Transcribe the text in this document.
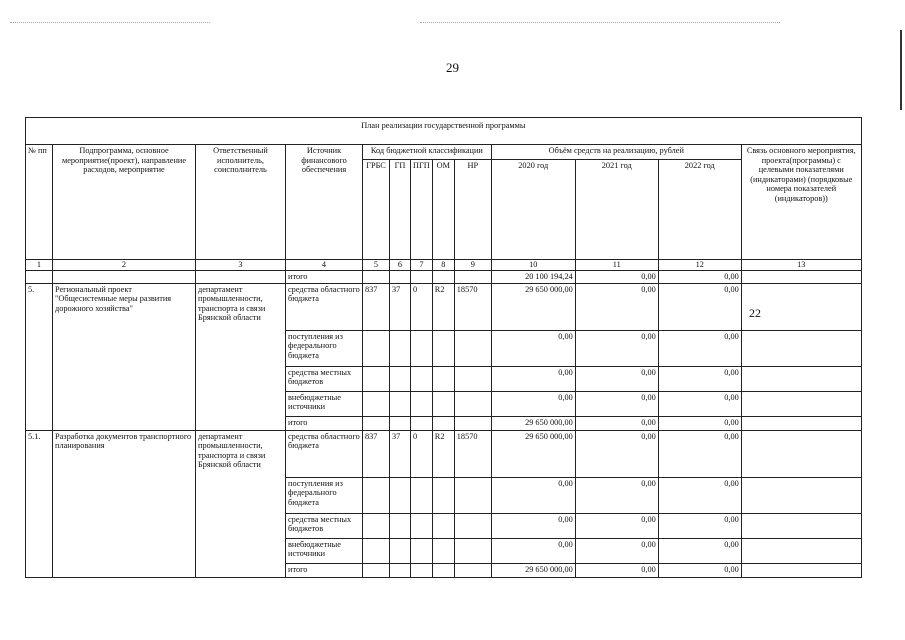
29
План реализации государственной программы												
№ пп	Подпрограмма, основное мероприятие(проект), направление расходов, мероприятие	Ответственный исполнитель, соисполнитель	Источник финансового обеспечения	Код бюджетной классификации					Объём средств на реализацию, рублей			Связь основного мероприятия, проекта(программы) с целевыми показателями (индикаторами) (порядковые номера показателей (индикаторов))
				ГРБС	ГП	ПГП	ОМ	НР	2020 год	2021 год	2022 год	
1	2	3	4	5	6	7	8	9	10	11	12	13
			итого						20 100 194,24	0,00	0,00	
5.	Региональный проект "Общесистемные меры развития дорожного хозяйства"	департамент промышленности, транспорта и связи Брянской области	средства областного бюджета	837	37	0	R2	18570	29 650 000,00	0,00	0,00	
			поступления из федерального бюджета						0,00	0,00	0,00	
			средства местных бюджетов						0,00	0,00	0,00	
			внебюджетные источники						0,00	0,00	0,00	
			итого						29 650 000,00	0,00	0,00	
5.1.	Разработка документов транспортного планирования	департамент промышленности, транспорта и связи Брянской области	средства областного бюджета	837	37	0	R2	18570	29 650 000,00	0,00	0,00	
			поступления из федерального бюджета						0,00	0,00	0,00	
			средства местных бюджетов						0,00	0,00	0,00	
			внебюджетные источники						0,00	0,00	0,00	
			итого						29 650 000,00	0,00	0,00	
22
